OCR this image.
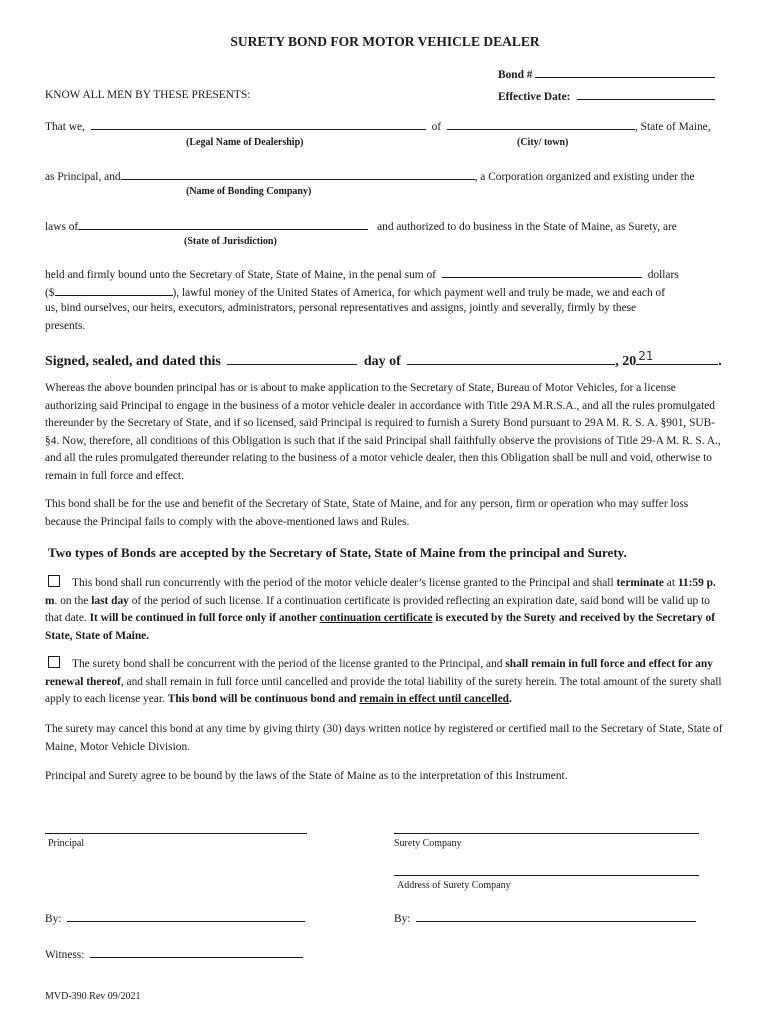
SURETY BOND FOR MOTOR VEHICLE DEALER
Bond #
KNOW ALL MEN BY THESE PRESENTS:	Effective Date:
That we,	of	, State of Maine,
(Legal Name of Dealership)	(City/ town)
as Principal, and	, a Corporation organized and existing under the
(Name of Bonding Company)
laws of	and authorized to do business in the State of Maine, as Surety, are
(State of Jurisdiction)
held and firmly bound unto the Secretary of State, State of Maine, in the penal sum of	dollars
($	), lawful money of the United States of America, for which payment well and truly be made, we and each of
us, bind ourselves, our heirs, executors, administrators, personal representatives and assigns, jointly and severally, firmly by these
presents.
Signed, sealed, and dated this	day of	, 20 21	.
Whereas the above bounden principal has or is about to make application to the Secretary of State, Bureau of Motor Vehicles, for a license authorizing said Principal to engage in the business of a motor vehicle dealer in accordance with Title 29A M.R.S.A., and all the rules promulgated thereunder by the Secretary of State, and if so licensed, said Principal is required to furnish a Surety Bond pursuant to 29A M. R. S. A. §901, SUB- §4. Now, therefore, all conditions of this Obligation is such that if the said Principal shall faithfully observe the provisions of Title 29-A M. R. S. A., and all the rules promulgated thereunder relating to the business of a motor vehicle dealer, then this Obligation shall be null and void, otherwise to remain in full force and effect.
This bond shall be for the use and benefit of the Secretary of State, State of Maine, and for any person, firm or operation who may suffer loss because the Principal fails to comply with the above-mentioned laws and Rules.
Two types of Bonds are accepted by the Secretary of State, State of Maine from the principal and Surety.
This bond shall run concurrently with the period of the motor vehicle dealer’s license granted to the Principal and shall terminate at 11:59 p. m. on the last day of the period of such license. If a continuation certificate is provided reflecting an expiration date, said bond will be valid up to that date. It will be continued in full force only if another continuation certificate is executed by the Surety and received by the Secretary of State, State of Maine.
The surety bond shall be concurrent with the period of the license granted to the Principal, and shall remain in full force and effect for any renewal thereof, and shall remain in full force until cancelled and provide the total liability of the surety herein. The total amount of the surety shall apply to each license year. This bond will be continuous bond and remain in effect until cancelled.
The surety may cancel this bond at any time by giving thirty (30) days written notice by registered or certified mail to the Secretary of State, State of Maine, Motor Vehicle Division.
Principal and Surety agree to be bound by the laws of the State of Maine as to the interpretation of this Instrument.
Principal	Surety Company
Address of Surety Company
By:	By:
Witness:
MVD-390 Rev 09/2021
